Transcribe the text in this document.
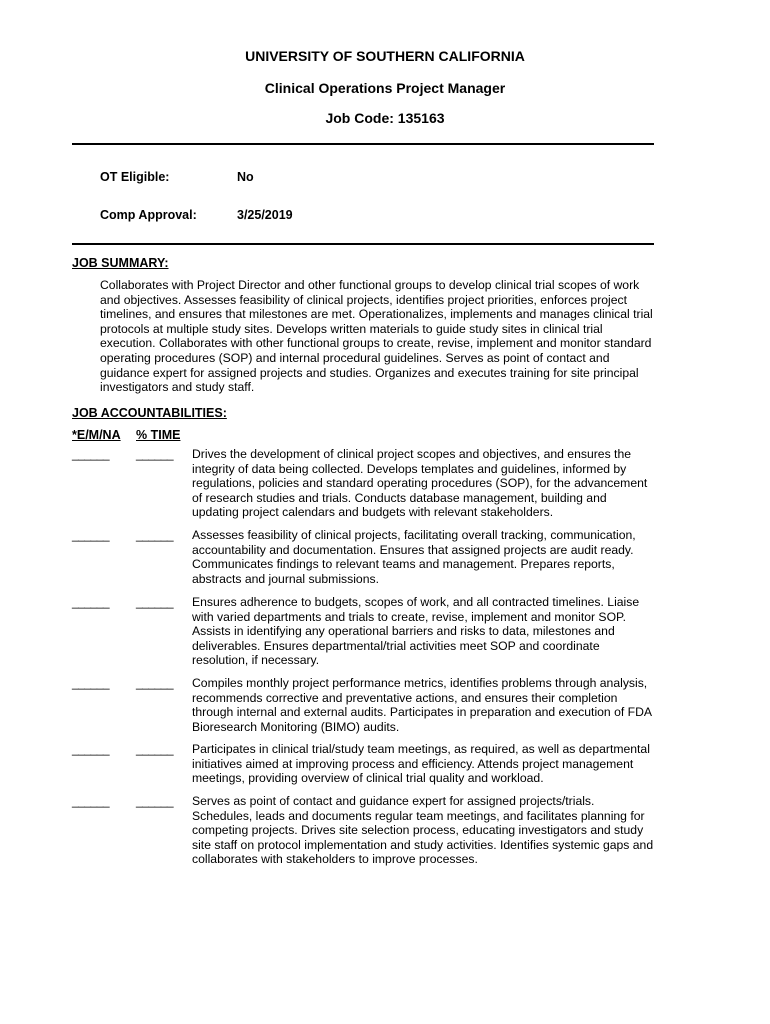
UNIVERSITY OF SOUTHERN CALIFORNIA
Clinical Operations Project Manager
Job Code: 135163
OT Eligible:	No
Comp Approval:	3/25/2019
JOB SUMMARY:
Collaborates with Project Director and other functional groups to develop clinical trial scopes of work and objectives. Assesses feasibility of clinical projects, identifies project priorities, enforces project timelines, and ensures that milestones are met. Operationalizes, implements and manages clinical trial protocols at multiple study sites. Develops written materials to guide study sites in clinical trial execution. Collaborates with other functional groups to create, revise, implement and monitor standard operating procedures (SOP) and internal procedural guidelines. Serves as point of contact and guidance expert for assigned projects and studies. Organizes and executes training for site principal investigators and study staff.
JOB ACCOUNTABILITIES:
*E/M/NA % TIME
______ ______ Drives the development of clinical project scopes and objectives, and ensures the integrity of data being collected. Develops templates and guidelines, informed by regulations, policies and standard operating procedures (SOP), for the advancement of research studies and trials. Conducts database management, building and updating project calendars and budgets with relevant stakeholders.
______ ______ Assesses feasibility of clinical projects, facilitating overall tracking, communication, accountability and documentation. Ensures that assigned projects are audit ready. Communicates findings to relevant teams and management. Prepares reports, abstracts and journal submissions.
______ ______ Ensures adherence to budgets, scopes of work, and all contracted timelines. Liaise with varied departments and trials to create, revise, implement and monitor SOP. Assists in identifying any operational barriers and risks to data, milestones and deliverables. Ensures departmental/trial activities meet SOP and coordinate resolution, if necessary.
______ ______ Compiles monthly project performance metrics, identifies problems through analysis, recommends corrective and preventative actions, and ensures their completion through internal and external audits. Participates in preparation and execution of FDA Bioresearch Monitoring (BIMO) audits.
______ ______ Participates in clinical trial/study team meetings, as required, as well as departmental initiatives aimed at improving process and efficiency. Attends project management meetings, providing overview of clinical trial quality and workload.
______ ______ Serves as point of contact and guidance expert for assigned projects/trials. Schedules, leads and documents regular team meetings, and facilitates planning for competing projects. Drives site selection process, educating investigators and study site staff on protocol implementation and study activities. Identifies systemic gaps and collaborates with stakeholders to improve processes.
